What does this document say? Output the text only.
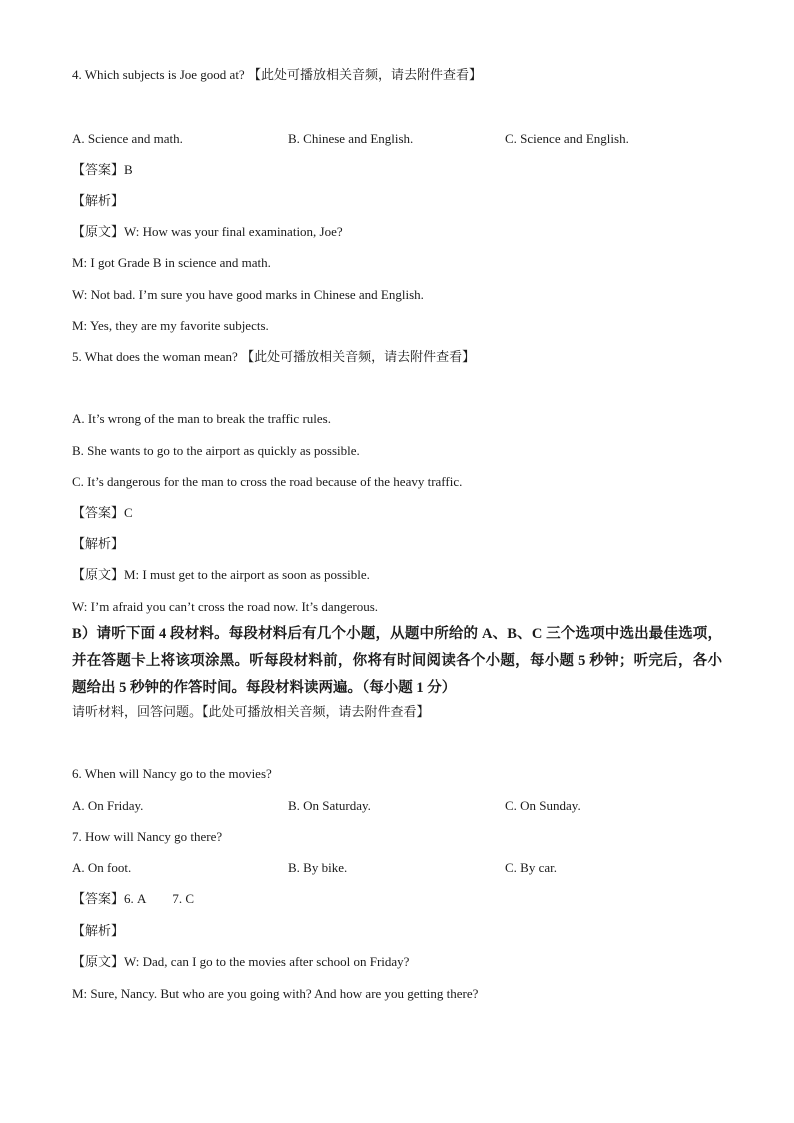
4. Which subjects is Joe good at? 【此处可播放相关音频，请去附件查看】
A. Science and math.	B. Chinese and English.	C. Science and English.
【答案】B
【解析】
【原文】W: How was your final examination, Joe?
M: I got Grade B in science and math.
W: Not bad. I’m sure you have good marks in Chinese and English.
M: Yes, they are my favorite subjects.
5. What does the woman mean? 【此处可播放相关音频，请去附件查看】
A. It’s wrong of the man to break the traffic rules.
B. She wants to go to the airport as quickly as possible.
C. It’s dangerous for the man to cross the road because of the heavy traffic.
【答案】C
【解析】
【原文】M: I must get to the airport as soon as possible.
W: I’m afraid you can’t cross the road now. It’s dangerous.
B）请听下面 4 段材料。每段材料后有几个小题，从题中所给的 A、B、C 三个选项中选出最佳选项，并在答题卡上将该项涂黑。听每段材料前，你将有时间阅读各个小题，每小题 5 秒钟；听完后，各小题给出 5 秒钟的作答时间。每段材料读两遍。（每小题 1 分）
请听材料，回答问题。【此处可播放相关音频，请去附件查看】
6. When will Nancy go to the movies?
A. On Friday.	B. On Saturday.	C. On Sunday.
7. How will Nancy go there?
A. On foot.	B. By bike.	C. By car.
【答案】6. A 7. C
【解析】
【原文】W: Dad, can I go to the movies after school on Friday?
M: Sure, Nancy. But who are you going with? And how are you getting there?
